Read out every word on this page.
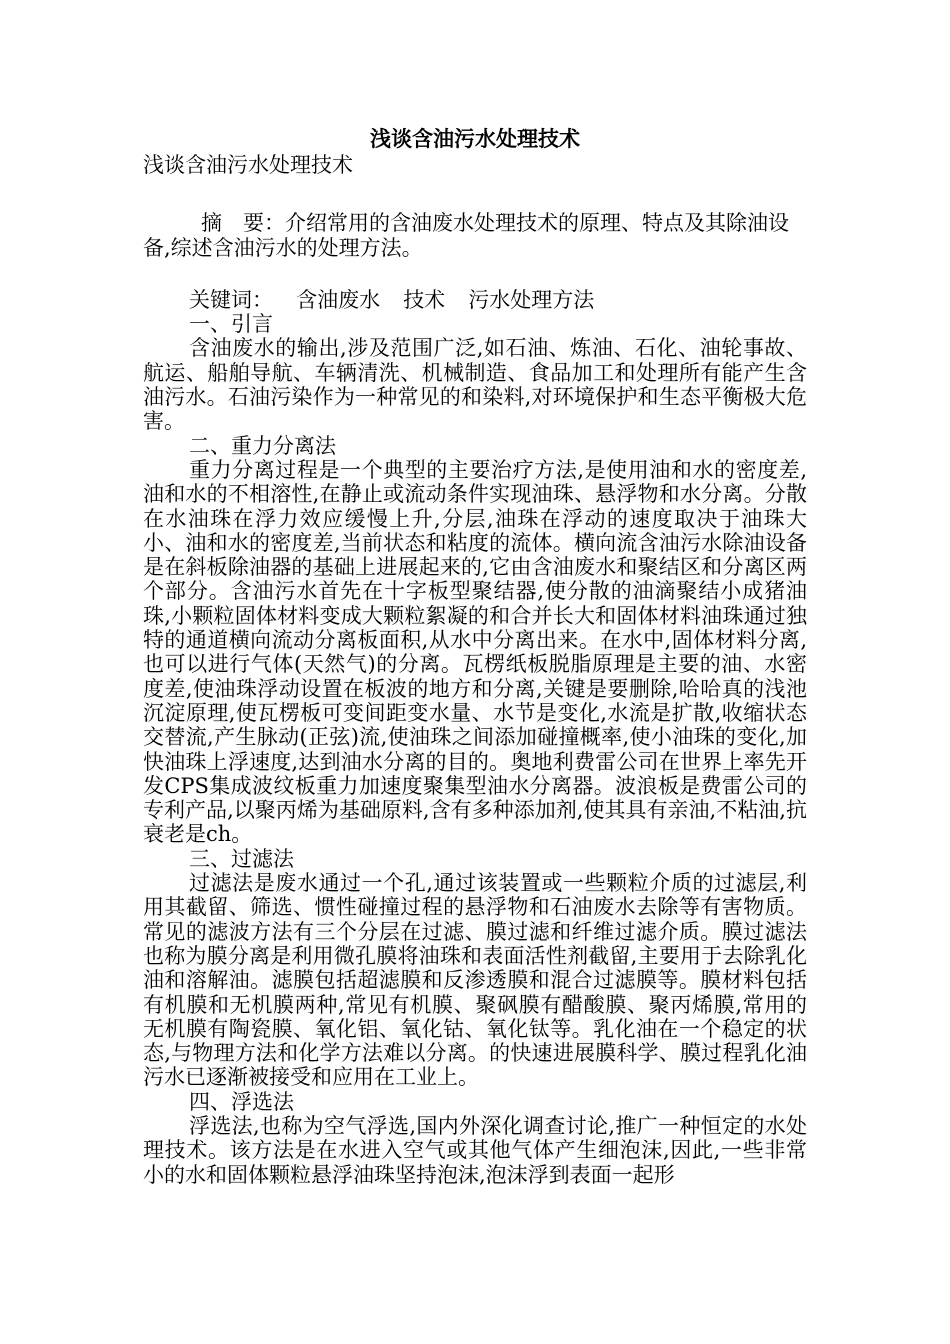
浅谈含油污水处理技术

浅谈含油污水处理技术

摘　要：介绍常用的含油废水处理技术的原理、特点及其除油设备,综述含油污水的处理方法。

关键词： 含油废水 技术 污水处理方法

一、引言

含油废水的输出,涉及范围广泛,如石油、炼油、石化、油轮事故、航运、船舶导航、车辆清洗、机械制造、食品加工和处理所有能产生含油污水。石油污染作为一种常见的和染料,对环境保护和生态平衡极大危害。

二、重力分离法

重力分离过程是一个典型的主要治疗方法,是使用油和水的密度差,油和水的不相溶性,在静止或流动条件实现油珠、悬浮物和水分离。分散在水油珠在浮力效应缓慢上升,分层,油珠在浮动的速度取决于油珠大小、油和水的密度差,当前状态和粘度的流体。横向流含油污水除油设备是在斜板除油器的基础上进展起来的,它由含油废水和聚结区和分离区两个部分。含油污水首先在十字板型聚结器,使分散的油滴聚结小成猪油珠,小颗粒固体材料变成大颗粒絮凝的和合并长大和固体材料油珠通过独特的通道横向流动分离板面积,从水中分离出来。在水中,固体材料分离,也可以进行气体(天然气)的分离。瓦楞纸板脱脂原理是主要的油、水密度差,使油珠浮动设置在板波的地方和分离,关键是要删除,哈哈真的浅池沉淀原理,使瓦楞板可变间距变水量、水节是变化,水流是扩散,收缩状态交替流,产生脉动(正弦)流,使油珠之间添加碰撞概率,使小油珠的变化,加快油珠上浮速度,达到油水分离的目的。奥地利费雷公司在世界上率先开发CPS集成波纹板重力加速度聚集型油水分离器。波浪板是费雷公司的专利产品,以聚丙烯为基础原料,含有多种添加剂,使其具有亲油,不粘油,抗衰老是ch。

三、过滤法

过滤法是废水通过一个孔,通过该装置或一些颗粒介质的过滤层,利用其截留、筛选、惯性碰撞过程的悬浮物和石油废水去除等有害物质。常见的滤波方法有三个分层在过滤、膜过滤和纤维过滤介质。膜过滤法也称为膜分离是利用微孔膜将油珠和表面活性剂截留,主要用于去除乳化油和溶解油。滤膜包括超滤膜和反渗透膜和混合过滤膜等。膜材料包括有机膜和无机膜两种,常见有机膜、聚砜膜有醋酸膜、聚丙烯膜,常用的无机膜有陶瓷膜、氧化铝、氧化钴、氧化钛等。乳化油在一个稳定的状态,与物理方法和化学方法难以分离。的快速进展膜科学、膜过程乳化油污水已逐渐被接受和应用在工业上。

四、浮选法

浮选法,也称为空气浮选,国内外深化调查讨论,推广一种恒定的水处理技术。该方法是在水进入空气或其他气体产生细泡沫,因此,一些非常小的水和固体颗粒悬浮油珠坚持泡沫,泡沫浮到表面一起形
